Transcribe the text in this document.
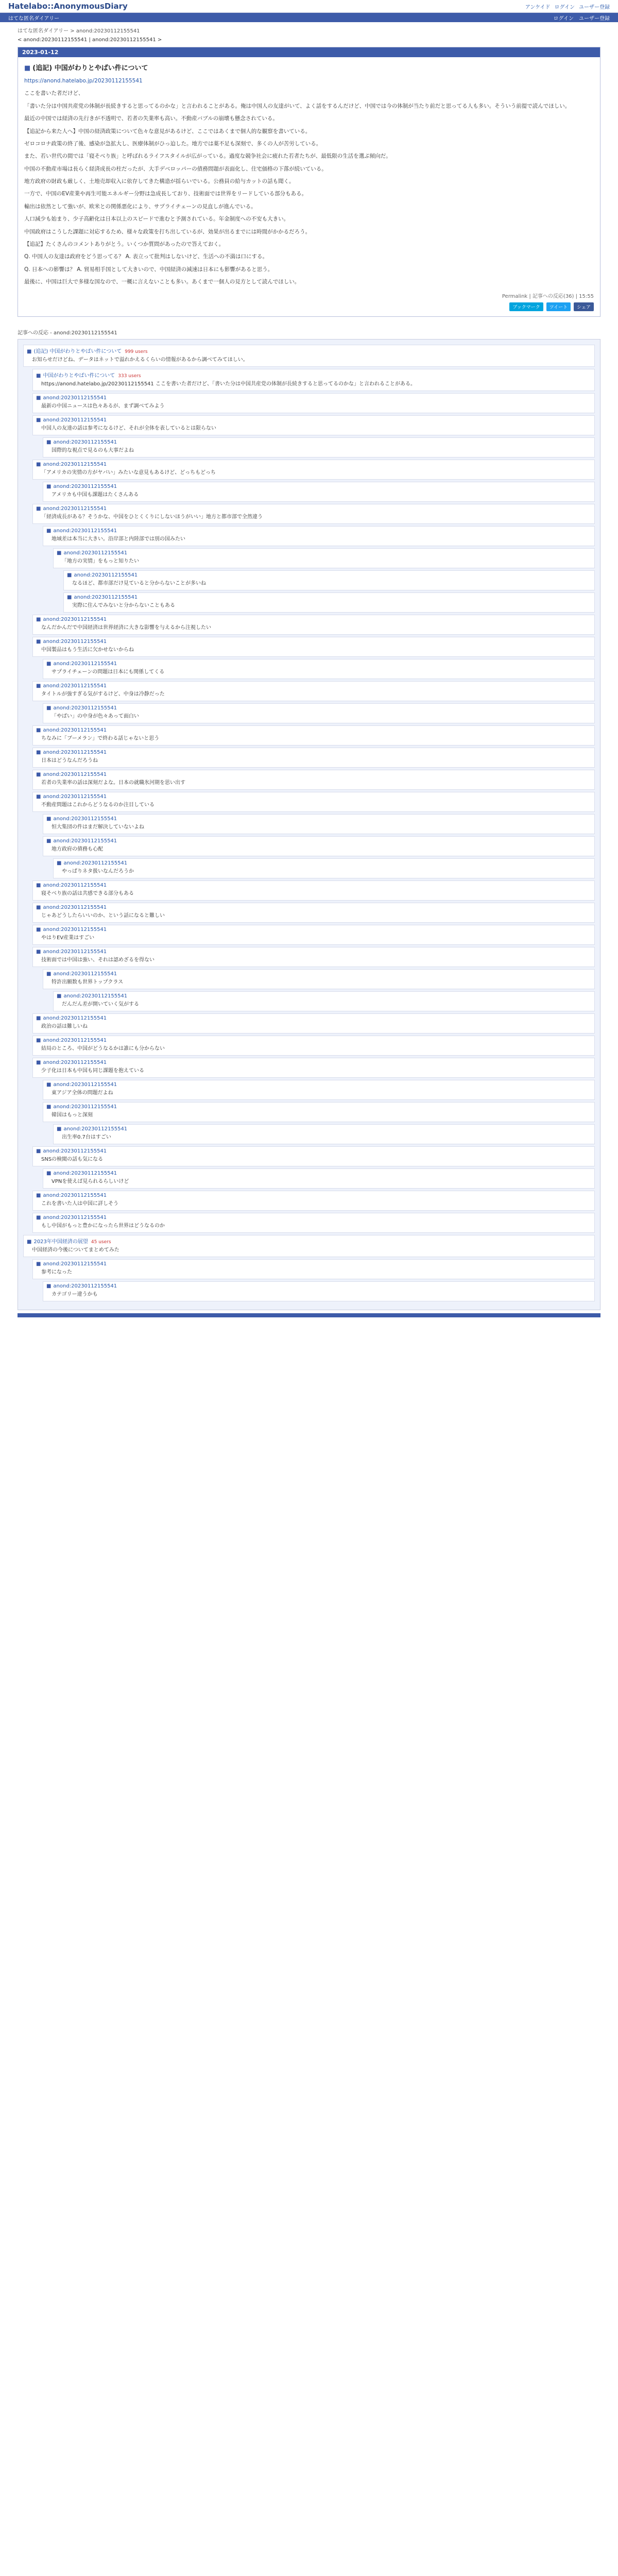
Hatelabo::AnonymousDiary	アンケイド ログイン ユーザー登録
はてな匿名ダイアリー	ログイン ユーザー登録
はてな匿名ダイアリー > anond:20230112155541
< anond:20230112155541 | anond:20230112155541 >
2023-01-12
■ (追記) 中国がわりとやばい件について

https://anond.hatelabo.jp/20230112155541

ここを書いた者だけど、

「書いた分は中国共産党の体制が長続きすると思ってるのかな」と言われることがある。俺は中国人の友達がいて、よく話をするんだけど、中国では今の体制が当たり前だと思ってる人も多い。そういう前提で読んでほしい。

最近の中国では経済の先行きが不透明で、若者の失業率も高い。不動産バブルの崩壊も懸念されている。

【追記から来た人へ】中国の経済政策について色々な意見があるけど、ここではあくまで個人的な観察を書いている。

ゼロコロナ政策の終了後、感染が急拡大し、医療体制がひっ迫した。地方では薬不足も深刻で、多くの人が苦労している。

また、若い世代の間では「寝そべり族」と呼ばれるライフスタイルが広がっている。過度な競争社会に疲れた若者たちが、最低限の生活を選ぶ傾向だ。

中国の不動産市場は長らく経済成長の柱だったが、大手デベロッパーの債務問題が表面化し、住宅価格の下落が続いている。

地方政府の財政も厳しく、土地売却収入に依存してきた構造が揺らいでいる。公務員の給与カットの話も聞く。

一方で、中国のEV産業や再生可能エネルギー分野は急成長しており、技術面では世界をリードしている部分もある。

輸出は依然として強いが、欧米との関係悪化により、サプライチェーンの見直しが進んでいる。

人口減少も始まり、少子高齢化は日本以上のスピードで進むと予測されている。年金制度への不安も大きい。

中国政府はこうした課題に対応するため、様々な政策を打ち出しているが、効果が出るまでには時間がかかるだろう。

【追記】たくさんのコメントありがとう。いくつか質問があったので答えておく。

Q. 中国人の友達は政府をどう思ってる？ A. 表立って批判はしないけど、生活への不満は口にする。

Q. 日本への影響は？ A. 貿易相手国として大きいので、中国経済の減速は日本にも影響があると思う。

最後に、中国は巨大で多様な国なので、一概に言えないことも多い。あくまで一個人の見方として読んでほしい。

Permalink | 記事への反応(36) | 15:55
ブックマーク	ツイート	シェア
記事への反応 - anond:20230112155541
■ (追記) 中国がわりとやばい件について 999 users
お知らせだけどね、データはネットで溢れかえるくらいの情報があるから調べてみてほしい。
■ 中国がわりとやばい件について 333 users
https://anond.hatelabo.jp/20230112155541 ここを書いた者だけど、「書いた分は中国共産党の体制が長続きすると思ってるのかな」と言われることがある。
■ anond:20230112155541
最新の中国ニュースは色々あるが、まず調べてみよう
■ anond:20230112155541
中国人の友達の話は参考になるけど、それが全体を表しているとは限らない
■ anond:20230112155541
国際的な視点で見るのも大事だよね
■ anond:20230112155541
「アメリカの実情の方がヤバい」みたいな意見もあるけど、どっちもどっち
■ anond:20230112155541
アメリカも中国も課題はたくさんある
■ anond:20230112155541
「経済成長がある？そうかな、中国をひとくくりにしないほうがいい」地方と都市部で全然違う
■ anond:20230112155541
地域差は本当に大きい。沿岸部と内陸部では別の国みたい
■ anond:20230112155541
「地方の実情」をもっと知りたい
■ anond:20230112155541
なるほど、都市部だけ見ていると分からないことが多いね
■ anond:20230112155541
実際に住んでみないと分からないこともある
■ anond:20230112155541
なんだかんだで中国経済は世界経済に大きな影響を与えるから注視したい
■ anond:20230112155541
中国製品はもう生活に欠かせないからね
■ anond:20230112155541
サプライチェーンの問題は日本にも関係してくる
■ anond:20230112155541
タイトルが強すぎる気がするけど、中身は冷静だった
■ anond:20230112155541
「やばい」の中身が色々あって面白い
■ anond:20230112155541
ちなみに「ブーメラン」で終わる話じゃないと思う
■ anond:20230112155541
日本はどうなんだろうね
■ anond:20230112155541
若者の失業率の話は深刻だよな。日本の就職氷河期を思い出す
■ anond:20230112155541
不動産問題はこれからどうなるのか注目している
■ anond:20230112155541
恒大集団の件はまだ解決していないよね
■ anond:20230112155541
地方政府の債務も心配
■ anond:20230112155541
やっぱりネタ扱いなんだろうか
■ anond:20230112155541
寝そべり族の話は共感できる部分もある
■ anond:20230112155541
じゃあどうしたらいいのか、という話になると難しい
■ anond:20230112155541
やはりEV産業はすごい
■ anond:20230112155541
技術面では中国は強い、それは認めざるを得ない
■ anond:20230112155541
特許出願数も世界トップクラス
■ anond:20230112155541
だんだん差が開いていく気がする
■ anond:20230112155541
政治の話は難しいね
■ anond:20230112155541
結局のところ、中国がどうなるかは誰にも分からない
■ anond:20230112155541
少子化は日本も中国も同じ課題を抱えている
■ anond:20230112155541
東アジア全体の問題だよね
■ anond:20230112155541
韓国はもっと深刻
■ anond:20230112155541
出生率0.7台はすごい
■ anond:20230112155541
SNSの検閲の話も気になる
■ anond:20230112155541
VPNを使えば見られるらしいけど
■ anond:20230112155541
これを書いた人は中国に詳しそう
■ anond:20230112155541
もし中国がもっと豊かになったら世界はどうなるのか
■ 2023年中国経済の展望 45 users
中国経済の今後についてまとめてみた
■ anond:20230112155541
参考になった
■ anond:20230112155541
カテゴリー違うかも
